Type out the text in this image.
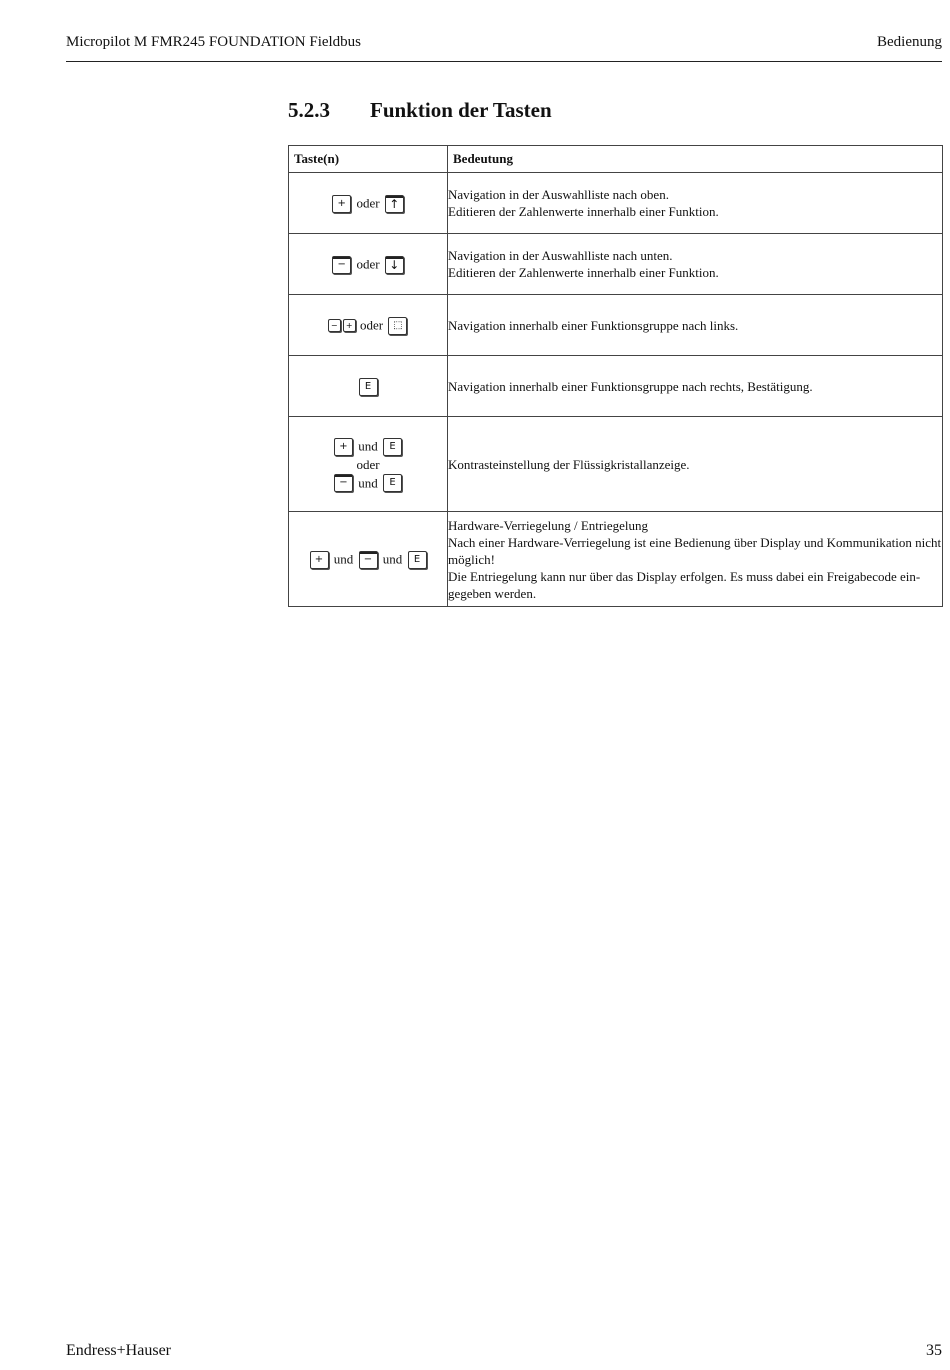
Micropilot M FMR245 FOUNDATION Fieldbus	Bedienung
5.2.3 Funktion der Tasten
Taste(n)	Bedeutung
+ oder ↑	Navigation in der Auswahlliste nach oben.
Editieren der Zahlenwerte innerhalb einer Funktion.

− oder ↓	Navigation in der Auswahlliste nach unten.
Editieren der Zahlenwerte innerhalb einer Funktion.

− + oder ⬚	Navigation innerhalb einer Funktionsgruppe nach links.

E	Navigation innerhalb einer Funktionsgruppe nach rechts, Bestätigung.

+ und E
oder
− und E	Kontrasteinstellung der Flüssigkristallanzeige.

+ und − und E	Hardware-Verriegelung / Entriegelung
Nach einer Hardware-Verriegelung ist eine Bedienung über Display und Kommunikation nicht möglich!
Die Entriegelung kann nur über das Display erfolgen. Es muss dabei ein Freigabecode ein-gegeben werden.
Endress+Hauser	35
